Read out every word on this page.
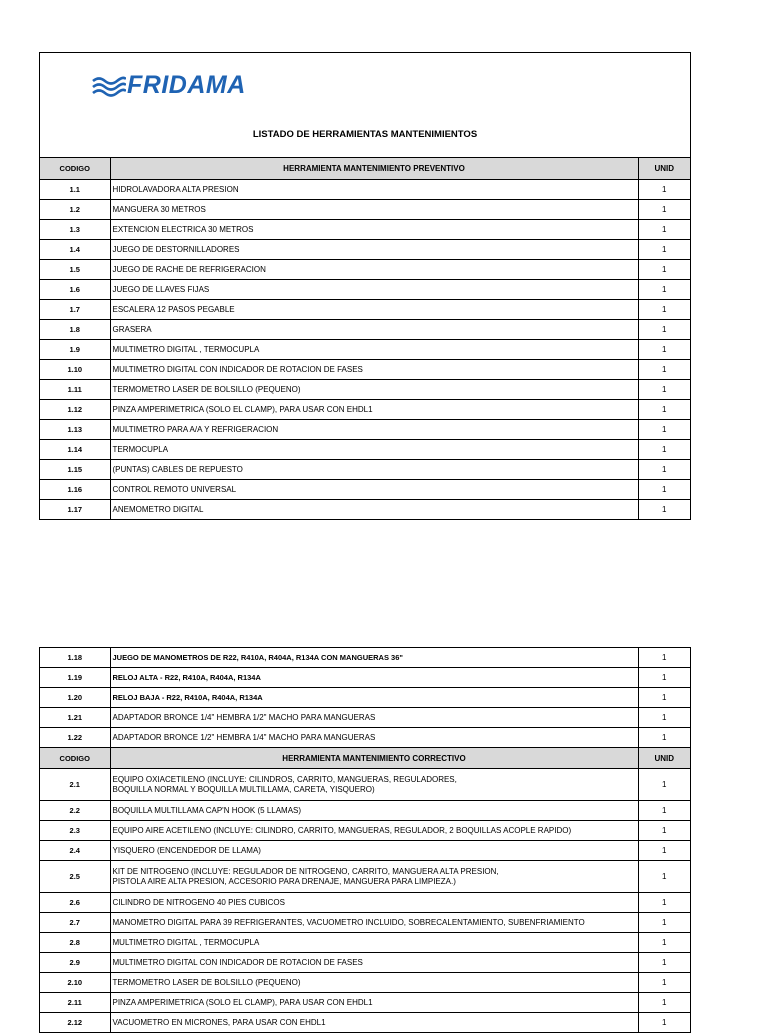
FRIDAMA
LISTADO DE HERRAMIENTAS MANTENIMIENTOS
CODIGO	HERRAMIENTA MANTENIMIENTO PREVENTIVO	UNID
1.1	HIDROLAVADORA ALTA PRESION	1
1.2	MANGUERA 30 METROS	1
1.3	EXTENCION ELECTRICA 30 METROS	1
1.4	JUEGO DE DESTORNILLADORES	1
1.5	JUEGO DE RACHE DE REFRIGERACION	1
1.6	JUEGO DE LLAVES FIJAS	1
1.7	ESCALERA 12 PASOS PEGABLE	1
1.8	GRASERA	1
1.9	MULTIMETRO DIGITAL , TERMOCUPLA	1
1.10	MULTIMETRO DIGITAL CON INDICADOR DE ROTACION DE FASES	1
1.11	TERMOMETRO LASER DE BOLSILLO (PEQUENO)	1
1.12	PINZA AMPERIMETRICA (SOLO EL CLAMP), PARA USAR CON EHDL1	1
1.13	MULTIMETRO PARA A/A Y REFRIGERACION	1
1.14	TERMOCUPLA	1
1.15	(PUNTAS) CABLES DE REPUESTO	1
1.16	CONTROL REMOTO UNIVERSAL	1
1.17	ANEMOMETRO DIGITAL	1
1.18	JUEGO DE MANOMETROS DE R22, R410A, R404A, R134A CON MANGUERAS 36"	1
1.19	RELOJ ALTA - R22, R410A, R404A, R134A	1
1.20	RELOJ BAJA - R22, R410A, R404A, R134A	1
1.21	ADAPTADOR BRONCE 1/4" HEMBRA 1/2" MACHO PARA MANGUERAS	1
1.22	ADAPTADOR BRONCE 1/2" HEMBRA 1/4" MACHO PARA MANGUERAS	1
CODIGO	HERRAMIENTA MANTENIMIENTO CORRECTIVO	UNID
2.1	EQUIPO OXIACETILENO (INCLUYE: CILINDROS, CARRITO, MANGUERAS, REGULADORES,
BOQUILLA NORMAL Y BOQUILLA MULTILLAMA, CARETA, YISQUERO)	1
2.2	BOQUILLA MULTILLAMA CAP'N HOOK (5 LLAMAS)	1
2.3	EQUIPO AIRE ACETILENO (INCLUYE: CILINDRO, CARRITO, MANGUERAS, REGULADOR, 2 BOQUILLAS ACOPLE RAPIDO)	1
2.4	YISQUERO (ENCENDEDOR DE LLAMA)	1
2.5	KIT DE NITROGENO (INCLUYE: REGULADOR DE NITROGENO, CARRITO, MANGUERA ALTA PRESION,
PISTOLA AIRE ALTA PRESION, ACCESORIO PARA DRENAJE, MANGUERA PARA LIMPIEZA.)	1
2.6	CILINDRO DE NITROGENO 40 PIES CUBICOS	1
2.7	MANOMETRO DIGITAL PARA 39 REFRIGERANTES, VACUOMETRO INCLUIDO, SOBRECALENTAMIENTO, SUBENFRIAMIENTO	1
2.8	MULTIMETRO DIGITAL , TERMOCUPLA	1
2.9	MULTIMETRO DIGITAL CON INDICADOR DE ROTACION DE FASES	1
2.10	TERMOMETRO LASER DE BOLSILLO (PEQUENO)	1
2.11	PINZA AMPERIMETRICA (SOLO EL CLAMP), PARA USAR CON EHDL1	1
2.12	VACUOMETRO EN MICRONES, PARA USAR CON EHDL1	1
